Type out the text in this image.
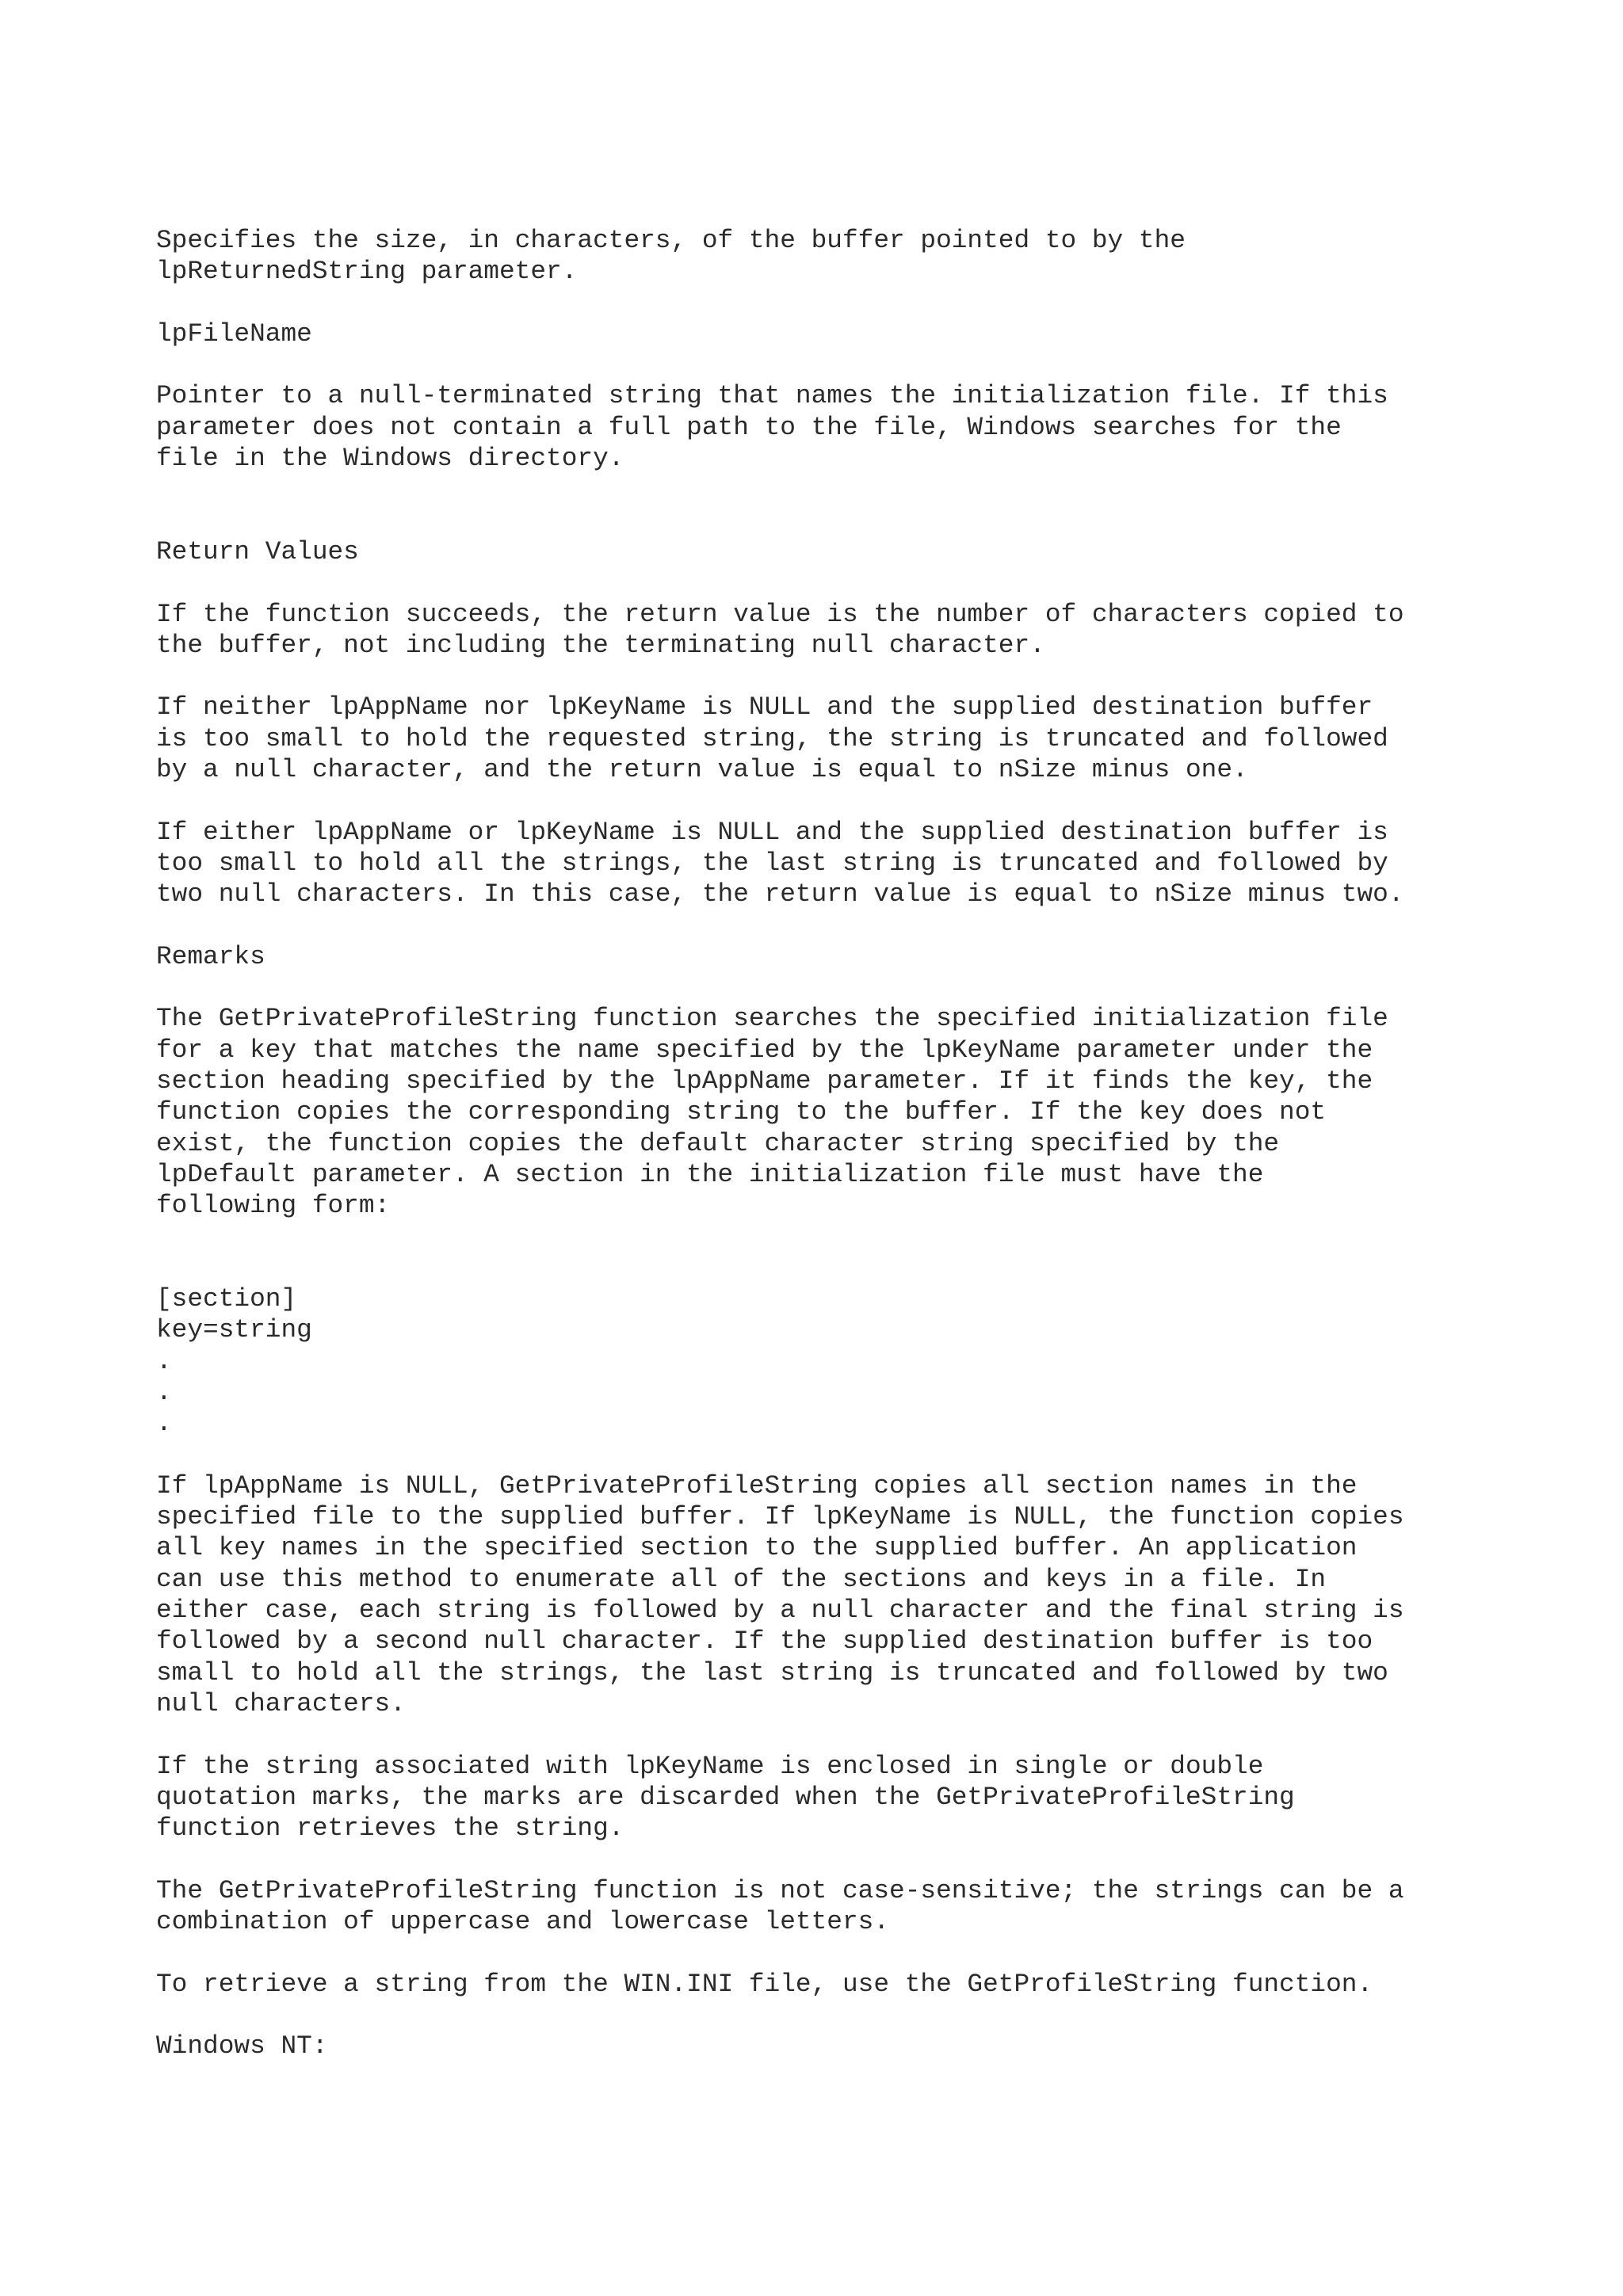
Specifies the size, in characters, of the buffer pointed to by the
lpReturnedString parameter.
lpFileName
Pointer to a null-terminated string that names the initialization file. If this
parameter does not contain a full path to the file, Windows searches for the
file in the Windows directory.
Return Values
If the function succeeds, the return value is the number of characters copied to
the buffer, not including the terminating null character.
If neither lpAppName nor lpKeyName is NULL and the supplied destination buffer
is too small to hold the requested string, the string is truncated and followed
by a null character, and the return value is equal to nSize minus one.
If either lpAppName or lpKeyName is NULL and the supplied destination buffer is
too small to hold all the strings, the last string is truncated and followed by
two null characters. In this case, the return value is equal to nSize minus two.
Remarks
The GetPrivateProfileString function searches the specified initialization file
for a key that matches the name specified by the lpKeyName parameter under the
section heading specified by the lpAppName parameter. If it finds the key, the
function copies the corresponding string to the buffer. If the key does not
exist, the function copies the default character string specified by the
lpDefault parameter. A section in the initialization file must have the
following form:
[section]
key=string
.
.
.
If lpAppName is NULL, GetPrivateProfileString copies all section names in the
specified file to the supplied buffer. If lpKeyName is NULL, the function copies
all key names in the specified section to the supplied buffer. An application
can use this method to enumerate all of the sections and keys in a file. In
either case, each string is followed by a null character and the final string is
followed by a second null character. If the supplied destination buffer is too
small to hold all the strings, the last string is truncated and followed by two
null characters.
If the string associated with lpKeyName is enclosed in single or double
quotation marks, the marks are discarded when the GetPrivateProfileString
function retrieves the string.
The GetPrivateProfileString function is not case-sensitive; the strings can be a
combination of uppercase and lowercase letters.
To retrieve a string from the WIN.INI file, use the GetProfileString function.
Windows NT:
